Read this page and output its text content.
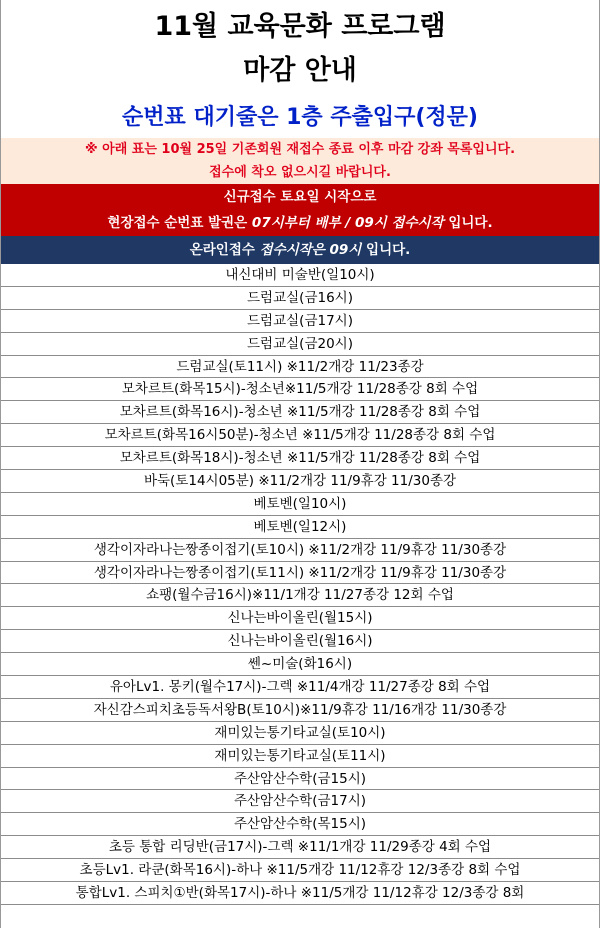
11월 교육문화 프로그램
마감 안내
순번표 대기줄은 1층 주출입구(정문)
※ 아래 표는 10월 25일 기존회원 재접수 종료 이후 마감 강좌 목록입니다.
접수에 착오 없으시길 바랍니다.
신규접수 토요일 시작으로
현장접수 순번표 발권은 07시부터 배부 / 09시 접수시작 입니다.
온라인접수 접수시작은 09시 입니다.
내신대비 미술반(일10시)
드럼교실(금16시)
드럼교실(금17시)
드럼교실(금20시)
드럼교실(토11시) ※11/2개강 11/23종강
모차르트(화목15시)-청소년※11/5개강 11/28종강 8회 수업
모차르트(화목16시)-청소년 ※11/5개강 11/28종강 8회 수업
모차르트(화목16시50분)-청소년 ※11/5개강 11/28종강 8회 수업
모차르트(화목18시)-청소년 ※11/5개강 11/28종강 8회 수업
바둑(토14시05분) ※11/2개강 11/9휴강 11/30종강
베토벤(일10시)
베토벤(일12시)
생각이자라나는짱종이접기(토10시) ※11/2개강 11/9휴강 11/30종강
생각이자라나는짱종이접기(토11시) ※11/2개강 11/9휴강 11/30종강
쇼팽(월수금16시)※11/1개강 11/27종강 12회 수업
신나는바이올린(월15시)
신나는바이올린(월16시)
쎈~미술(화16시)
유아Lv1. 몽키(월수17시)-그렉 ※11/4개강 11/27종강 8회 수업
자신감스피치초등독서왕B(토10시)※11/9휴강 11/16개강 11/30종강
재미있는통기타교실(토10시)
재미있는통기타교실(토11시)
주산암산수학(금15시)
주산암산수학(금17시)
주산암산수학(목15시)
초등 통합 리딩반(금17시)-그렉 ※11/1개강 11/29종강 4회 수업
초등Lv1. 라쿤(화목16시)-하나 ※11/5개강 11/12휴강 12/3종강 8회 수업
통합Lv1. 스피치①반(화목17시)-하나 ※11/5개강 11/12휴강 12/3종강 8회
